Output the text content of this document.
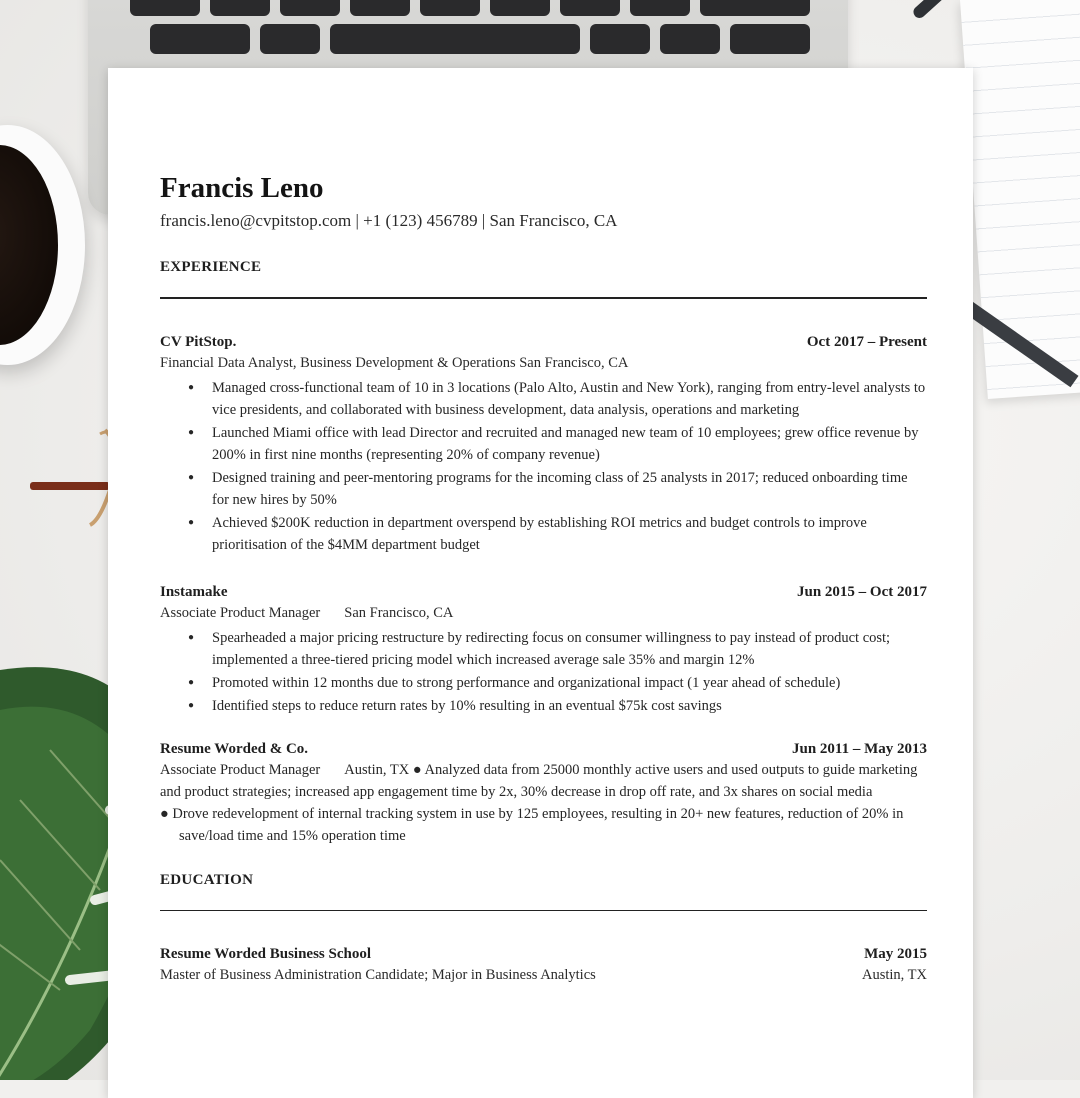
Francis Leno
francis.leno@cvpitstop.com | +1 (123) 456789 | San Francisco, CA
EXPERIENCE
CV PitStop.	Oct 2017 – Present
Financial Data Analyst, Business Development & Operations San Francisco, CA
● Managed cross-functional team of 10 in 3 locations (Palo Alto, Austin and New York), ranging from entry-level analysts to vice presidents, and collaborated with business development, data analysis, operations and marketing
● Launched Miami office with lead Director and recruited and managed new team of 10 employees; grew office revenue by 200% in first nine months (representing 20% of company revenue)
● Designed training and peer-mentoring programs for the incoming class of 25 analysts in 2017; reduced onboarding time for new hires by 50%
● Achieved $200K reduction in department overspend by establishing ROI metrics and budget controls to improve prioritisation of the $4MM department budget
Instamake	Jun 2015 – Oct 2017
Associate Product Manager San Francisco, CA
● Spearheaded a major pricing restructure by redirecting focus on consumer willingness to pay instead of product cost; implemented a three-tiered pricing model which increased average sale 35% and margin 12%
● Promoted within 12 months due to strong performance and organizational impact (1 year ahead of schedule)
● Identified steps to reduce return rates by 10% resulting in an eventual $75k cost savings
Resume Worded & Co.	Jun 2011 – May 2013
Associate Product Manager Austin, TX ● Analyzed data from 25000 monthly active users and used outputs to guide marketing and product strategies; increased app engagement time by 2x, 30% decrease in drop off rate, and 3x shares on social media
● Drove redevelopment of internal tracking system in use by 125 employees, resulting in 20+ new features, reduction of 20% in save/load time and 15% operation time
EDUCATION
Resume Worded Business School	May 2015
Master of Business Administration Candidate; Major in Business Analytics	Austin, TX
